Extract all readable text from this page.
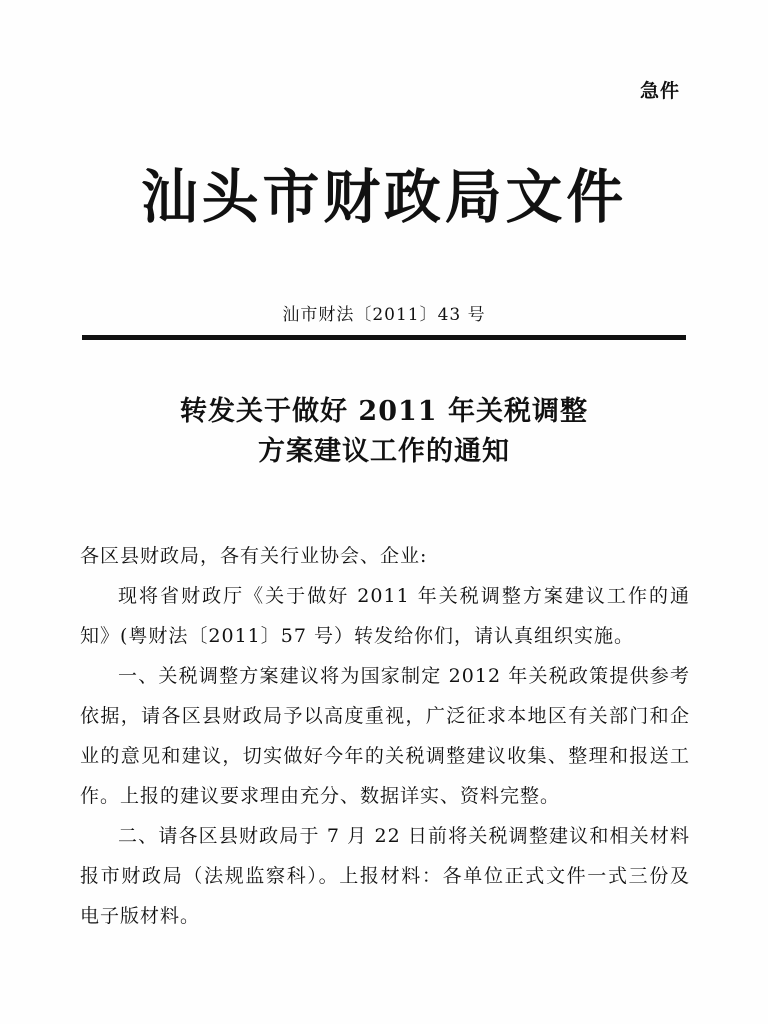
急件
汕头市财政局文件
汕市财法〔2011〕43 号
转发关于做好 2011 年关税调整
方案建议工作的通知

各区县财政局，各有关行业协会、企业:

现将省财政厅《关于做好 2011 年关税调整方案建议工作的通知》(粤财法〔2011〕57 号）转发给你们，请认真组织实施。

一、关税调整方案建议将为国家制定 2012 年关税政策提供参考依据，请各区县财政局予以高度重视，广泛征求本地区有关部门和企业的意见和建议，切实做好今年的关税调整建议收集、整理和报送工作。上报的建议要求理由充分、数据详实、资料完整。

二、请各区县财政局于 7 月 22 日前将关税调整建议和相关材料报市财政局（法规监察科）。上报材料：各单位正式文件一式三份及电子版材料。
